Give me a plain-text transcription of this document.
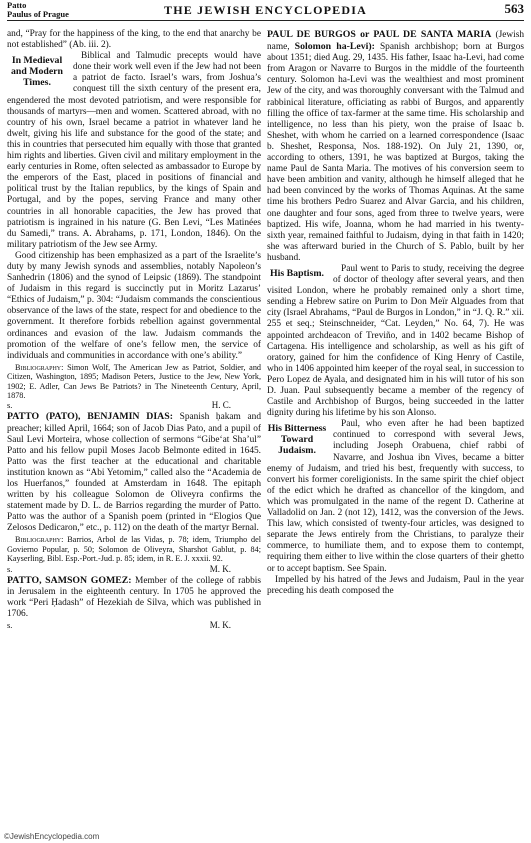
Patto
Paulus of Prague	THE JEWISH ENCYCLOPEDIA	563

and, “Pray for the happiness of the king, to the end that anarchy be not established” (Ab. iii. 2).

In Medieval and Modern Times.
Biblical and Talmudic precepts would have done their work well even if the Jew had not been a patriot de facto. Israel’s wars, from Joshua’s conquest till the sixth century of the present era, engendered the most devoted patriotism, and were responsible for thousands of martyrs—men and women. Scattered abroad, with no country of his own, Israel became a patriot in whatever land he dwelt, giving his life and substance for the good of the state; and this in countries that persecuted him equally with those that granted him rights and liberties. Given civil and military employment in the early centuries in Rome, often selected as ambassador to Europe by the emperors of the East, placed in positions of financial and political trust by the Italian republics, by the kings of Spain and Portugal, and by the popes, serving France and many other countries in all honorable capacities, the Jew has proved that patriotism is ingrained in his nature (G. Ben Levi, “Les Matinées du Samedi,” trans. A. Abrahams, p. 171, London, 1846). On the military patriotism of the Jew see Army.

Good citizenship has been emphasized as a part of the Israelite’s duty by many Jewish synods and assemblies, notably Napoleon’s Sanhedrin (1806) and the synod of Leipsic (1869). The standpoint of Judaism in this regard is succinctly put in Moritz Lazarus’ “Ethics of Judaism,” p. 304: “Judaism commands the conscientious observance of the laws of the state, respect for and obedience to the government. It therefore forbids rebellion against governmental ordinances and evasion of the law. Judaism commands the promotion of the welfare of one’s fellow men, the service of individuals and communities in accordance with one’s ability.”

Bibliography: Simon Wolf, The American Jew as Patriot, Soldier, and Citizen, Washington, 1895; Madison Peters, Justice to the Jew, New York, 1902; E. Adler, Can Jews Be Patriots? in The Nineteenth Century, April, 1878.

s.	H. C.

PATTO (PATO), BENJAMIN DIAS: Spanish ḥakam and preacher; killed April, 1664; son of Jacob Dias Pato, and a pupil of Saul Levi Morteira, whose collection of sermons “Gibe‘at Sha’ul” Patto and his fellow pupil Moses Jacob Belmonte edited in 1645. Patto was the first teacher at the educational and charitable institution known as “Abi Yetomim,” called also the “Academia de los Huerfanos,” founded at Amsterdam in 1648. The epitaph written by his colleague Solomon de Oliveyra confirms the statement made by D. L. de Barrios regarding the murder of Patto. Patto was the author of a Spanish poem (printed in “Elogios Que Zelosos Dedicaron,” etc., p. 112) on the death of the martyr Bernal.

Bibliography: Barrios, Arbol de las Vidas, p. 78; idem, Triumpho del Govierno Popular, p. 50; Solomon de Oliveyra, Sharshot Gablut, p. 84; Kayserling, Bibl. Esp.-Port.-Jud. p. 85; idem, in R. E. J. xxxii. 92.

s.	M. K.

PATTO, SAMSON GOMEZ: Member of the college of rabbis in Jerusalem in the eighteenth century. In 1705 he approved the work “Peri Ḥadash” of Hezekiah de Silva, which was published in 1706.

s.	M. K.

PAUL DE BURGOS or PAUL DE SANTA MARIA (Jewish name, Solomon ha-Levi): Spanish archbishop; born at Burgos about 1351; died Aug. 29, 1435. His father, Isaac ha-Levi, had come from Aragon or Navarre to Burgos in the middle of the fourteenth century. Solomon ha-Levi was the wealthiest and most prominent Jew of the city, and was thoroughly conversant with the Talmud and rabbinical literature, officiating as rabbi of Burgos, and apparently filling the office of tax-farmer at the same time. His scholarship and intelligence, no less than his piety, won the praise of Isaac b. Sheshet, with whom he carried on a learned correspondence (Isaac b. Sheshet, Responsa, Nos. 188-192). On July 21, 1390, or, according to others, 1391, he was baptized at Burgos, taking the name Paul de Santa Maria. The motives of his conversion seem to have been ambition and vanity, although he himself alleged that he had been convinced by the works of Thomas Aquinas. At the same time his brothers Pedro Suarez and Alvar Garcia, and his children, one daughter and four sons, aged from three to twelve years, were baptized. His wife, Joanna, whom he had married in his twenty-sixth year, remained faithful to Judaism, dying in that faith in 1420; she was afterward buried in the Church of S. Pablo, built by her husband.

His Baptism.	Paul went to Paris to study, receiving the degree of doctor of theology after several years, and then visited London, where he probably remained only a short time, sending a Hebrew satire on Purim to Don Meïr Alguades from that city (Israel Abrahams, “Paul de Burgos in London,” in “J. Q. R.” xii. 255 et seq.; Steinschneider, “Cat. Leyden,” No. 64, 7). He was appointed archdeacon of Treviño, and in 1402 became Bishop of Cartagena. His intelligence and scholarship, as well as his gift of oratory, gained for him the confidence of King Henry of Castile, who in 1406 appointed him keeper of the royal seal, in succession to Pero Lopez de Ayala, and designated him in his will tutor of his son D. Juan. Paul subsequently became a member of the regency of Castile and Archbishop of Burgos, being succeeded in the latter dignity during his lifetime by his son Alonso.

His Bitterness Toward Judaism.
Paul, who even after he had been baptized continued to correspond with several Jews, including Joseph Orabuena, chief rabbi of Navarre, and Joshua ibn Vives, became a bitter enemy of Judaism, and tried his best, frequently with success, to convert his former coreligionists. In the same spirit the chief object of the edict which he drafted as chancellor of the kingdom, and which was promulgated in the name of the regent D. Catherine at Valladolid on Jan. 2 (not 12), 1412, was the conversion of the Jews. This law, which consisted of twenty-four articles, was designed to separate the Jews entirely from the Christians, to paralyze their commerce, to humiliate them, and to expose them to contempt, requiring them either to live within the close quarters of their ghetto or to accept baptism. See Spain.

Impelled by his hatred of the Jews and Judaism, Paul in the year preceding his death composed the

©JewishEncyclopedia.com
